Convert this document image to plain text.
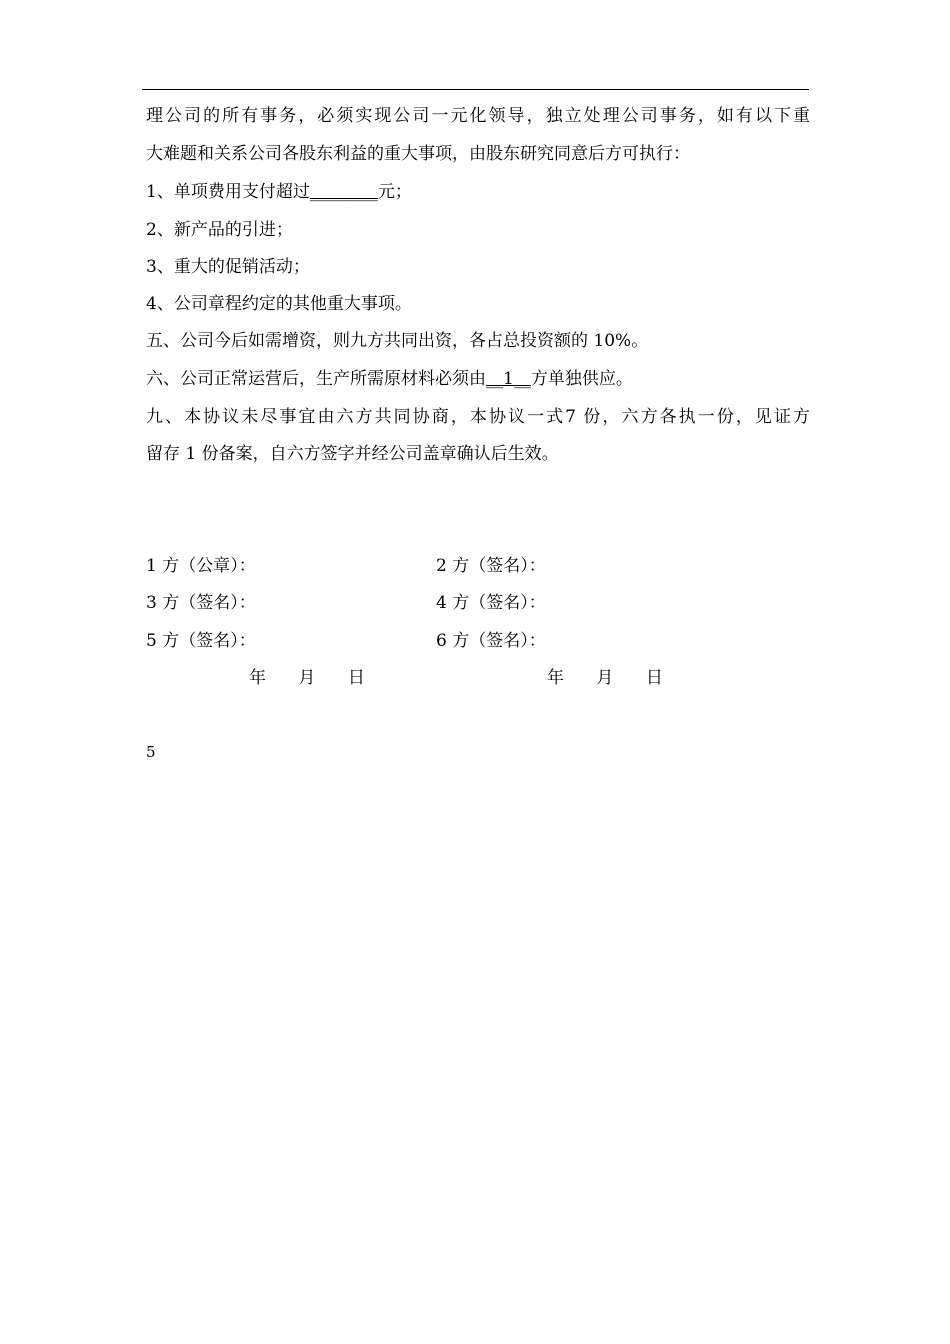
理公司的所有事务，必须实现公司一元化领导，独立处理公司事务，如有以下重
大难题和关系公司各股东利益的重大事项，由股东研究同意后方可执行：
1、单项费用支付超过________元；
2、新产品的引进；
3、重大的促销活动；
4、公司章程约定的其他重大事项。
五、公司今后如需增资，则九方共同出资，各占总投资额的 10%。
六、公司正常运营后，生产所需原材料必须由__1__方单独供应。
九、本协议未尽事宜由六方共同协商，本协议一式7 份，六方各执一份，见证方
留存 1 份备案，自六方签字并经公司盖章确认后生效。
1 方（公章）：	2 方（签名）：
3 方（签名）：	4 方（签名）：
5 方（签名）：	6 方（签名）：
年      月      日	年      月      日
5
